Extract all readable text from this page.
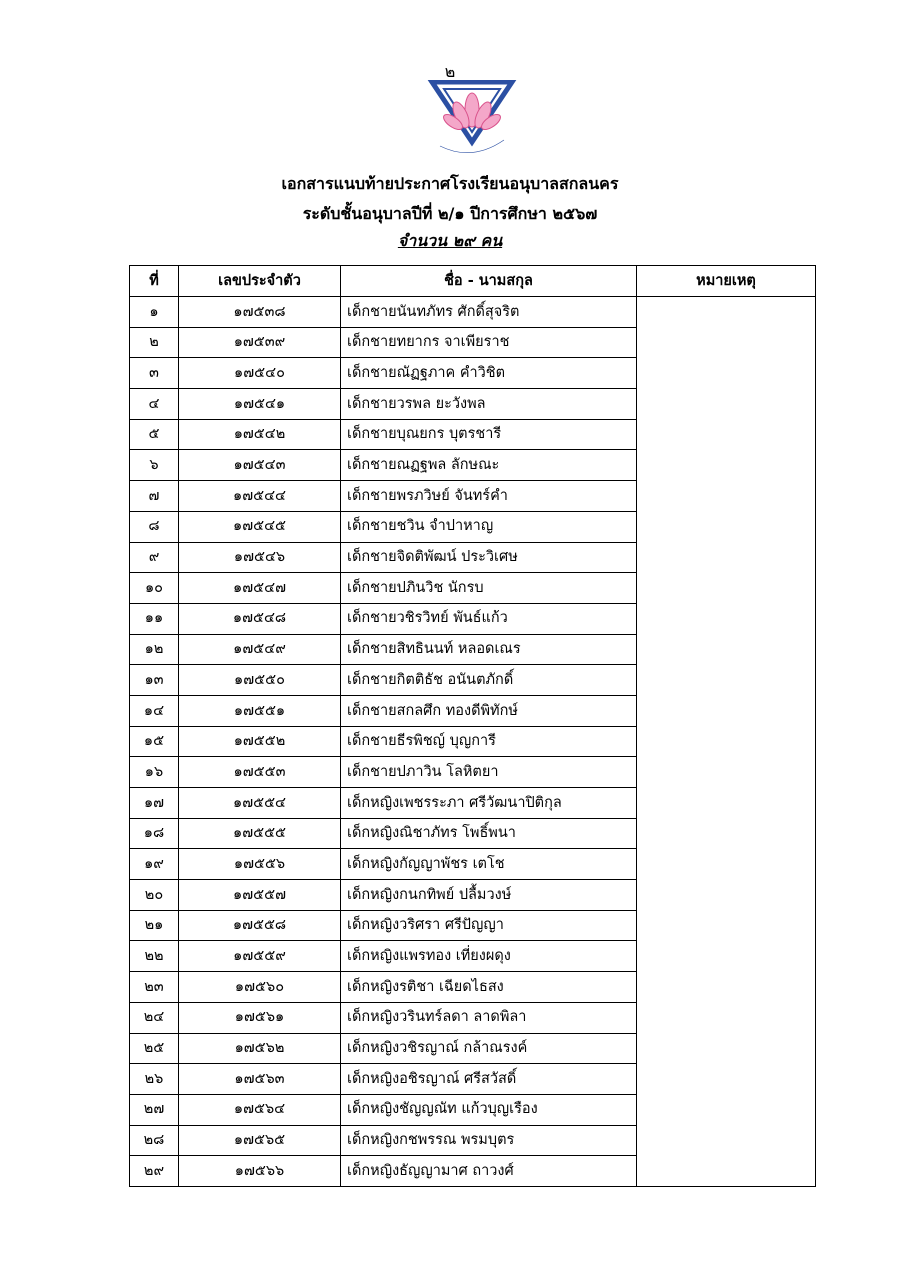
๒
เอกสารแนบท้ายประกาศโรงเรียนอนุบาลสกลนคร
ระดับชั้นอนุบาลปีที่ ๒/๑ ปีการศึกษา ๒๕๖๗
จำนวน ๒๙ คน
ที่	เลขประจำตัว	ชื่อ - นามสกุล	หมายเหตุ
๑	๑๗๕๓๘	เด็กชายนันทภัทร ศักดิ์สุจริต	
๒	๑๗๕๓๙	เด็กชายทยากร จาเพียราช	
๓	๑๗๕๔๐	เด็กชายณัฏฐภาค คำวิชิต	
๔	๑๗๕๔๑	เด็กชายวรพล ยะวังพล	
๕	๑๗๕๔๒	เด็กชายบุณยกร บุตรชารี	
๖	๑๗๕๔๓	เด็กชายณฏฐพล ลักษณะ	
๗	๑๗๕๔๔	เด็กชายพรภวิษย์ จันทร์คำ	
๘	๑๗๕๔๕	เด็กชายชวิน จำปาหาญ	
๙	๑๗๕๔๖	เด็กชายจิดติพัฒน์ ประวิเศษ	
๑๐	๑๗๕๔๗	เด็กชายปภินวิช นักรบ	
๑๑	๑๗๕๔๘	เด็กชายวชิรวิทย์ พันธ์แก้ว	
๑๒	๑๗๕๔๙	เด็กชายสิทธินนท์ หลอดเณร	
๑๓	๑๗๕๕๐	เด็กชายกิตติธัช อนันตภักดิ์	
๑๔	๑๗๕๕๑	เด็กชายสกลศึก ทองดีพิทักษ์	
๑๕	๑๗๕๕๒	เด็กชายธีรพิชญ์ บุญการี	
๑๖	๑๗๕๕๓	เด็กชายปภาวิน โลหิตยา	
๑๗	๑๗๕๕๔	เด็กหญิงเพชรระภา ศรีวัฒนาปิติกุล	
๑๘	๑๗๕๕๕	เด็กหญิงณิชาภัทร โพธิ์พนา	
๑๙	๑๗๕๕๖	เด็กหญิงกัญญาพัชร เตโช	
๒๐	๑๗๕๕๗	เด็กหญิงกนกทิพย์ ปลื้มวงษ์	
๒๑	๑๗๕๕๘	เด็กหญิงวริศรา ศรีปัญญา	
๒๒	๑๗๕๕๙	เด็กหญิงแพรทอง เที่ยงผดุง	
๒๓	๑๗๕๖๐	เด็กหญิงรติชา เฉียดไธสง	
๒๔	๑๗๕๖๑	เด็กหญิงวรินทร์ลดา ลาดพิลา	
๒๕	๑๗๕๖๒	เด็กหญิงวชิรญาณ์ กล้าณรงค์	
๒๖	๑๗๕๖๓	เด็กหญิงอชิรญาณ์ ศรีสวัสดิ์	
๒๗	๑๗๕๖๔	เด็กหญิงชัญญณัท แก้วบุญเรือง	
๒๘	๑๗๕๖๕	เด็กหญิงกชพรรณ พรมบุตร	
๒๙	๑๗๕๖๖	เด็กหญิงธัญญามาศ ถาวงศ์	
